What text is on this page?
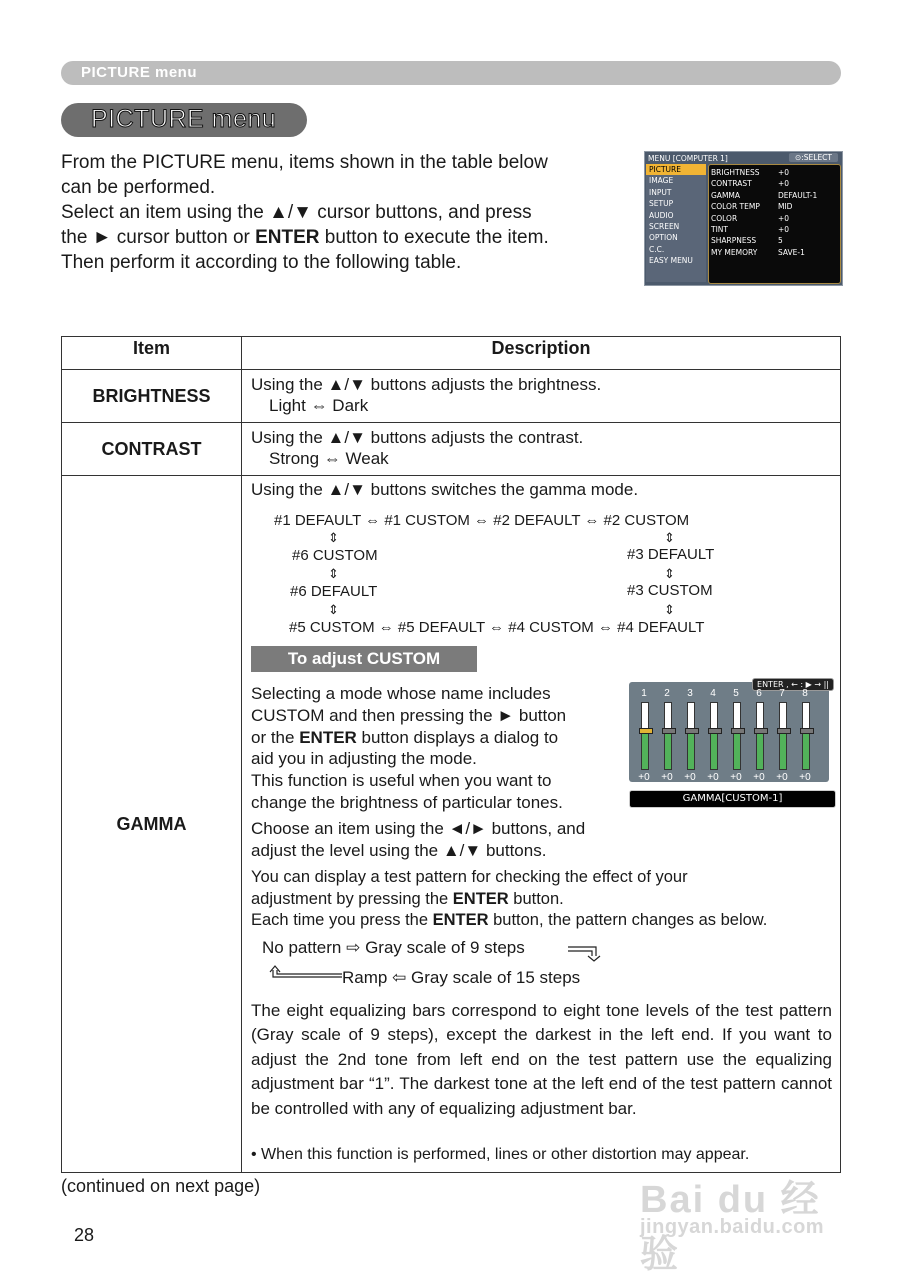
PICTURE menu
PICTURE menu
From the PICTURE menu, items shown in the table below
can be performed.
Select an item using the ▲/▼ cursor buttons, and press
the ► cursor button or ENTER button to execute the item.
Then perform it according to the following table.
MENU [COMPUTER 1]	⊙:SELECT
PICTURE
IMAGE
INPUT
SETUP
AUDIO
SCREEN
OPTION
C.C.
EASY MENU
BRIGHTNESS +0
CONTRAST	+0
GAMMA	DEFAULT-1
COLOR TEMP MID
COLOR	+0
TINT	+0
SHARPNESS	5
MY MEMORY	SAVE-1
Item	Description
BRIGHTNESS	Using the ▲/▼ buttons adjusts the brightness.
Light ⇔ Dark

CONTRAST	Using the ▲/▼ buttons adjusts the contrast.
Strong ⇔ Weak

GAMMA	
Using the ▲/▼ buttons switches the gamma mode.
#1 DEFAULT ⇔ #1 CUSTOM ⇔ #2 DEFAULT ⇔ #2 CUSTOM
⇕	⇕
#6 CUSTOM	#3 DEFAULT
⇕	⇕
#6 DEFAULT	#3 CUSTOM
⇕	⇕
#5 CUSTOM ⇔ #5 DEFAULT ⇔ #4 CUSTOM ⇔ #4 DEFAULT
To adjust CUSTOM
Selecting a mode whose name includes
CUSTOM and then pressing the ► button
or the ENTER button displays a dialog to
aid you in adjusting the mode.
This function is useful when you want to
change the brightness of particular tones.
ENTER , ← : ▶ → ||
1	2	3	4	5	6	7	8
+0	+0	+0	+0	+0	+0	+0	+0
GAMMA[CUSTOM-1]
Choose an item using the ◄/► buttons, and
adjust the level using the ▲/▼ buttons.
You can display a test pattern for checking the effect of your
adjustment by pressing the ENTER button.
Each time you press the ENTER button, the pattern changes as below.
No pattern ⇨ Gray scale of 9 steps
Ramp ⇦ Gray scale of 15 steps
The eight equalizing bars correspond to eight tone levels of the test pattern (Gray scale of 9 steps), except the darkest in the left end. If you want to adjust the 2nd tone from left end on the test pattern use the equalizing adjustment bar “1”. The darkest tone at the left end of the test pattern cannot be controlled with any of equalizing adjustment bar.
• When this function is performed, lines or other distortion may appear.
(continued on next page)
28
Bai du 经验
jingyan.baidu.com
